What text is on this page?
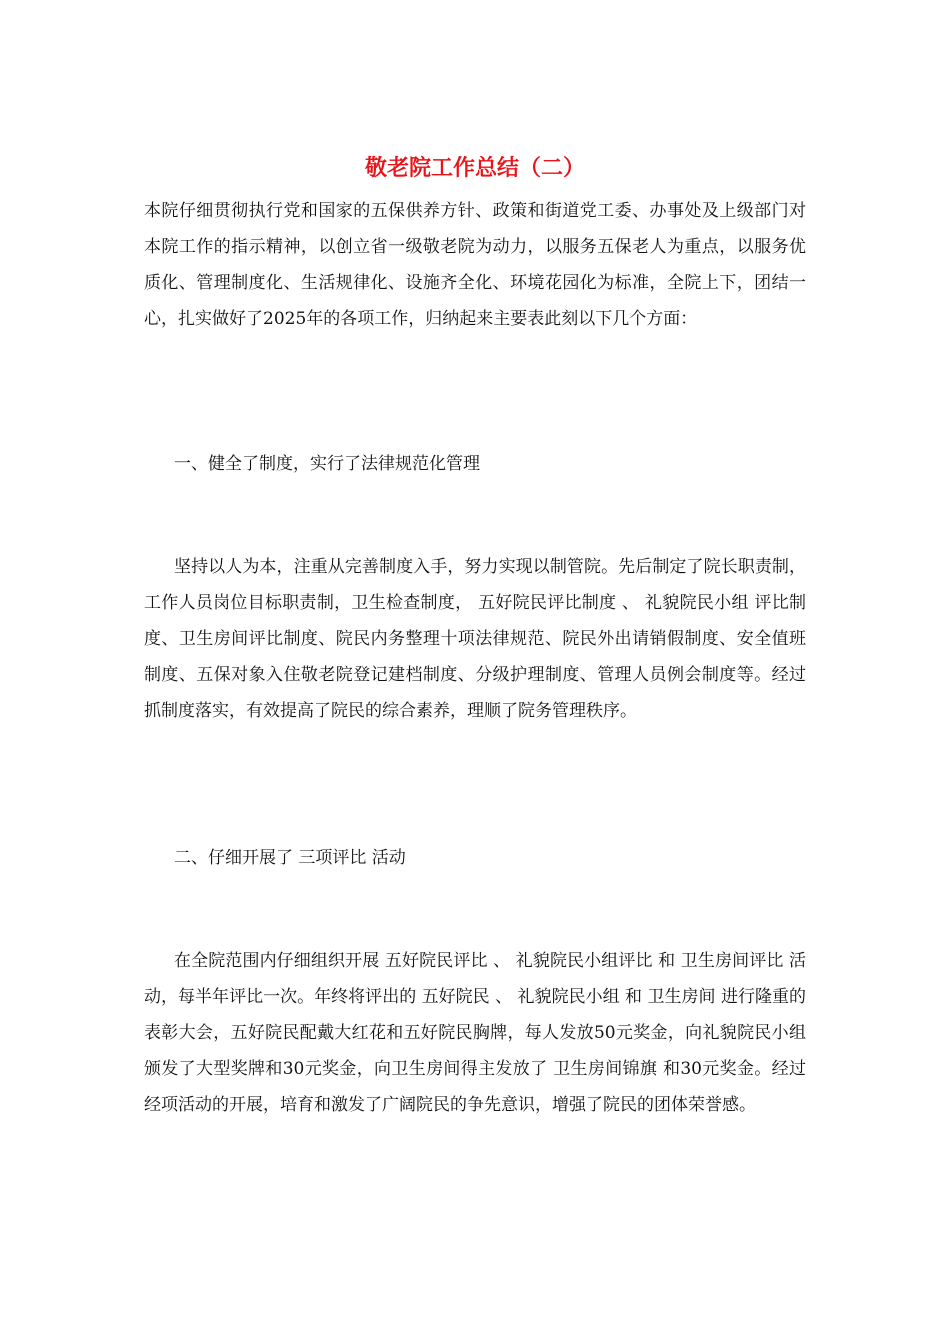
敬老院工作总结（二）

本院仔细贯彻执行党和国家的五保供养方针、政策和街道党工委、办事处及上级部门对本院工作的指示精神，以创立省一级敬老院为动力，以服务五保老人为重点，以服务优质化、管理制度化、生活规律化、设施齐全化、环境花园化为标准，全院上下，团结一心，扎实做好了2025年的各项工作，归纳起来主要表此刻以下几个方面：

一、健全了制度，实行了法律规范化管理

坚持以人为本，注重从完善制度入手，努力实现以制管院。先后制定了院长职责制，工作人员岗位目标职责制，卫生检查制度， 五好院民评比制度 、 礼貌院民小组 评比制度、卫生房间评比制度、院民内务整理十项法律规范、院民外出请销假制度、安全值班制度、五保对象入住敬老院登记建档制度、分级护理制度、管理人员例会制度等。经过抓制度落实，有效提高了院民的综合素养，理顺了院务管理秩序。

二、仔细开展了 三项评比 活动

在全院范围内仔细组织开展 五好院民评比 、 礼貌院民小组评比 和 卫生房间评比 活动，每半年评比一次。年终将评出的 五好院民 、 礼貌院民小组 和 卫生房间 进行隆重的表彰大会，五好院民配戴大红花和五好院民胸牌，每人发放50元奖金，向礼貌院民小组颁发了大型奖牌和30元奖金，向卫生房间得主发放了 卫生房间锦旗 和30元奖金。经过经项活动的开展，培育和激发了广阔院民的争先意识，增强了院民的团体荣誉感。
